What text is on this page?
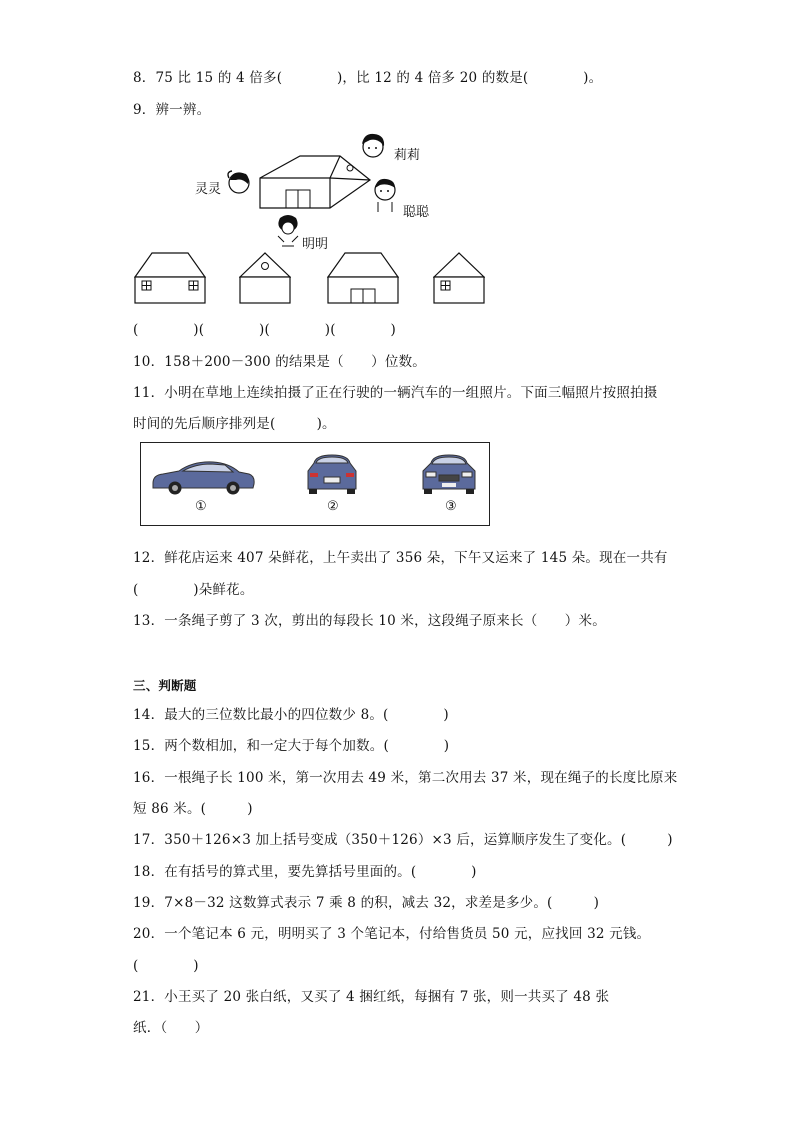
8．75 比 15 的 4 倍多(　　　　)，比 12 的 4 倍多 20 的数是(　　　　)。
9．辨一辨。
灵灵
莉莉
聪聪
明明
(　　　　)(　　　　)(　　　　)(　　　　)
10．158＋200－300 的结果是（　　）位数。
11．小明在草地上连续拍摄了正在行驶的一辆汽车的一组照片。下面三幅照片按照拍摄
时间的先后顺序排列是(　　　)。
①	②	③
12．鲜花店运来 407 朵鲜花，上午卖出了 356 朵，下午又运来了 145 朵。现在一共有
(　　　　)朵鲜花。
13．一条绳子剪了 3 次，剪出的每段长 10 米，这段绳子原来长（　　）米。
三、判断题
14．最大的三位数比最小的四位数少 8。(　　　　)
15．两个数相加，和一定大于每个加数。(　　　　)
16．一根绳子长 100 米，第一次用去 49 米，第二次用去 37 米，现在绳子的长度比原来
短 86 米。(　　　)
17．350＋126×3 加上括号变成（350＋126）×3 后，运算顺序发生了变化。(　　　)
18．在有括号的算式里，要先算括号里面的。(　　　　)
19．7×8－32 这数算式表示 7 乘 8 的积，减去 32，求差是多少。(　　　)
20．一个笔记本 6 元，明明买了 3 个笔记本，付给售货员 50 元，应找回 32 元钱。
(　　　　)
21．小王买了 20 张白纸，又买了 4 捆红纸，每捆有 7 张，则一共买了 48 张
纸．（　　）
